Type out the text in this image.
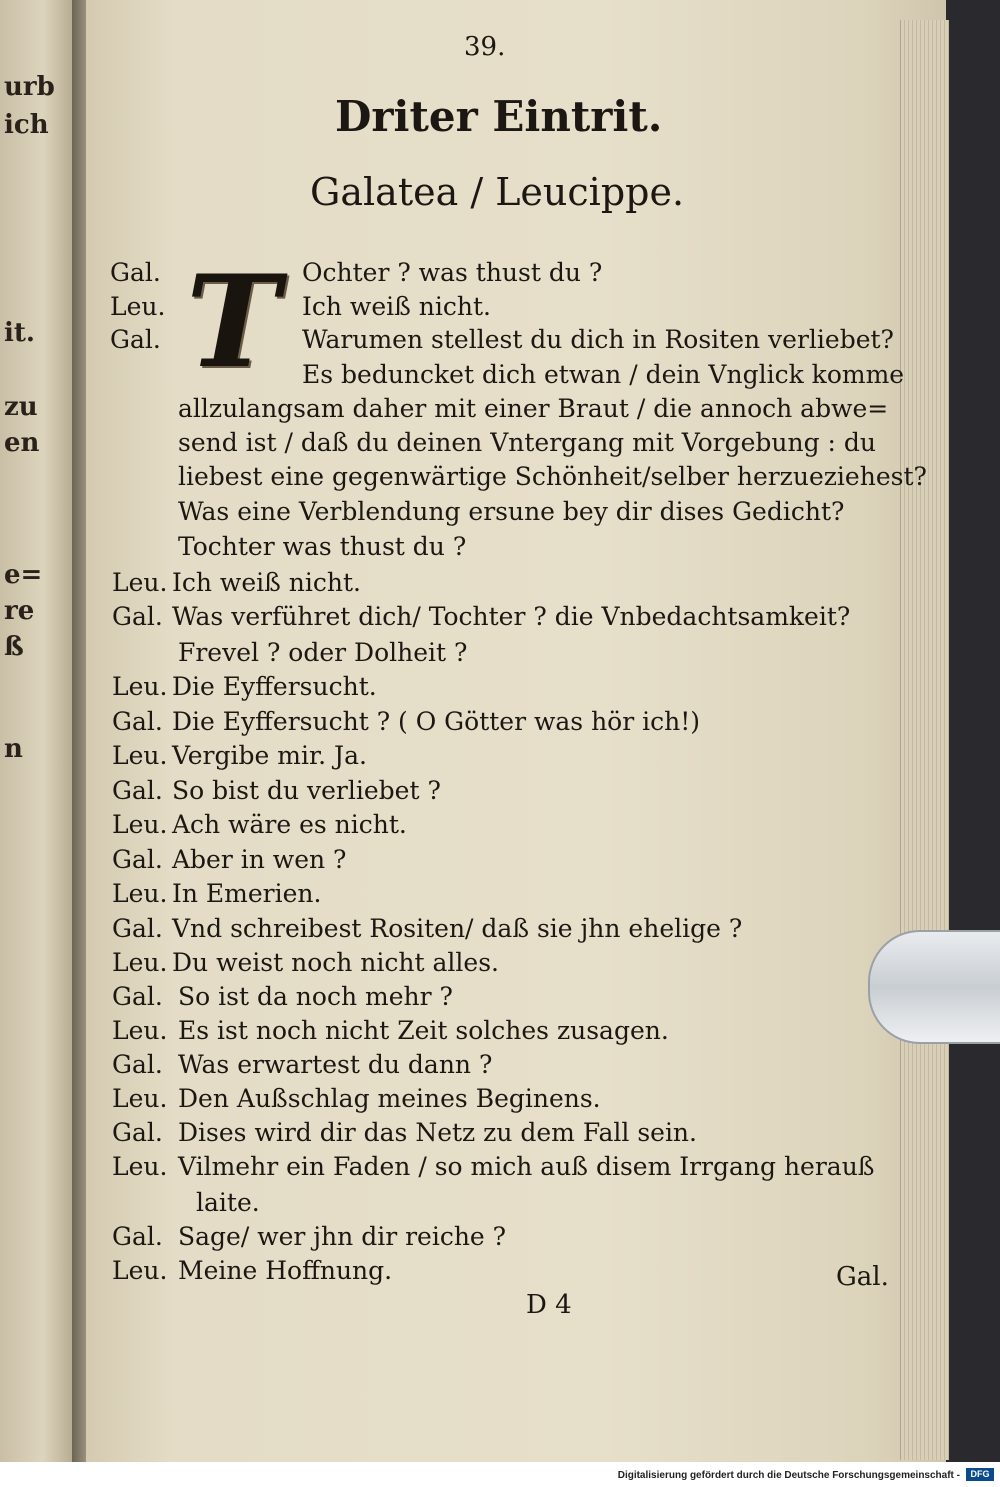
urb
ich
it.
zu
en
e=
re
ß
n
39.
Driter Eintrit.
Galatea / Leucippe.
T
Gal.	Ochter ? was thust du ?
Leu.	Ich weiß nicht.
Gal.	Warumen stellest du dich in Rositen verliebet?
Es beduncket dich etwan / dein Vnglick komme
allzulangsam daher mit einer Braut / die annoch abwe=
send ist / daß du deinen Vntergang mit Vorgebung : du
liebest eine gegenwärtige Schönheit/selber herzueziehest?
Was eine Verblendung ersune bey dir dises Gedicht?
Tochter was thust du ?
Leu. Ich weiß nicht.
Gal. Was verführet dich/ Tochter ? die Vnbedachtsamkeit?
Frevel ? oder Dolheit ?
Leu. Die Eyffersucht.
Gal. Die Eyffersucht ? ( O Götter was hör ich!)
Leu. Vergibe mir. Ja.
Gal. So bist du verliebet ?
Leu. Ach wäre es nicht.
Gal. Aber in wen ?
Leu. In Emerien.
Gal. Vnd schreibest Rositen/ daß sie jhn ehelige ?
Leu. Du weist noch nicht alles.
Gal. So ist da noch mehr ?
Leu. Es ist noch nicht Zeit solches zusagen.
Gal. Was erwartest du dann ?
Leu. Den Außschlag meines Beginens.
Gal. Dises wird dir das Netz zu dem Fall sein.
Leu. Vilmehr ein Faden / so mich auß disem Irrgang herauß
laite.
Gal. Sage/ wer jhn dir reiche ?
Leu. Meine Hoffnung.	Gal.
D 4
Digitalisierung gefördert durch die Deutsche Forschungsgemeinschaft -	DFG
